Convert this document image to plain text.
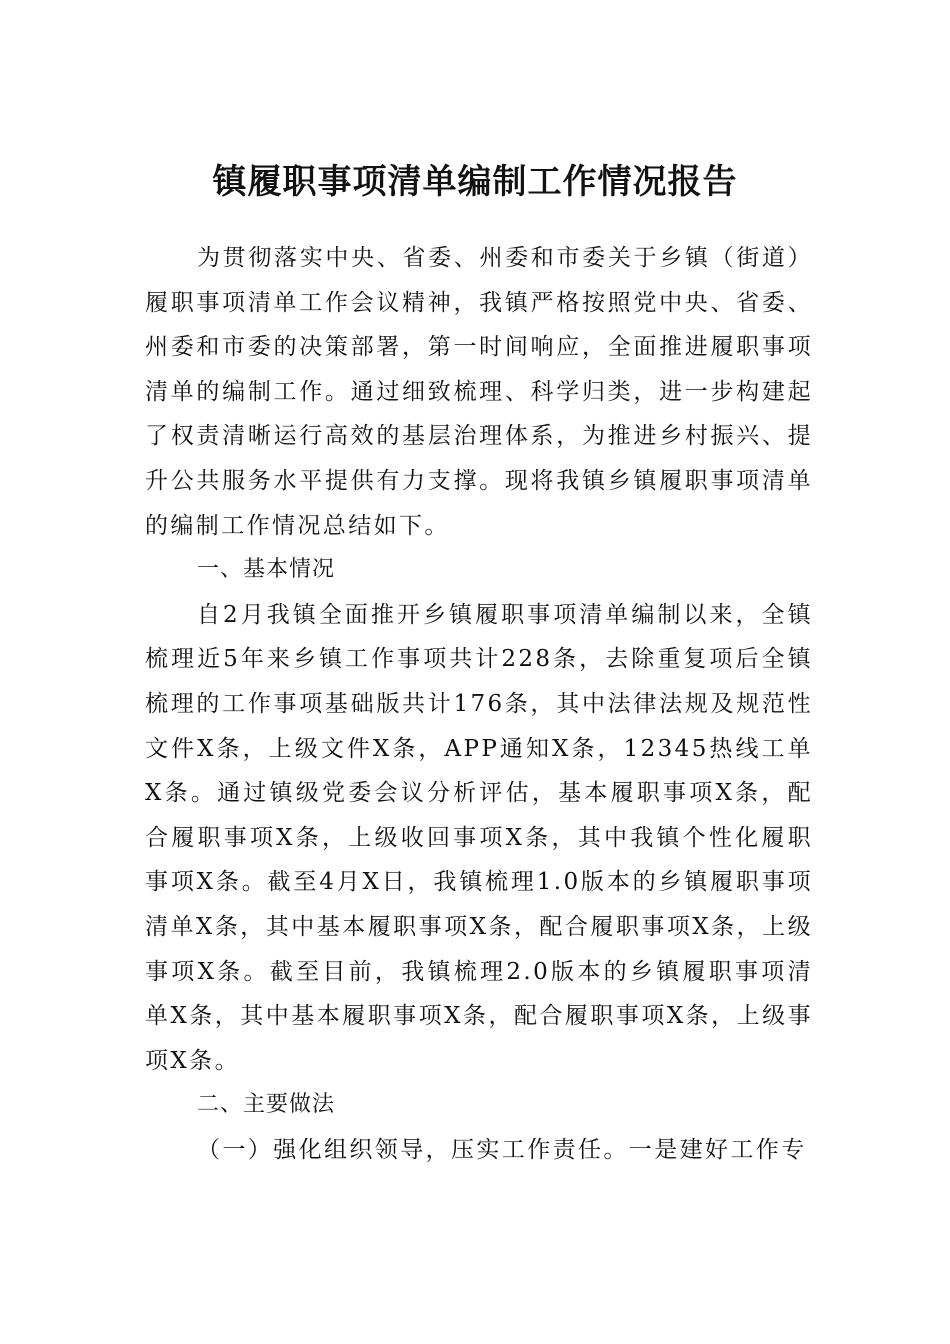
镇履职事项清单编制工作情况报告

为贯彻落实中央、省委、州委和市委关于乡镇（街道）履职事项清单工作会议精神，我镇严格按照党中央、省委、州委和市委的决策部署，第一时间响应，全面推进履职事项清单的编制工作。通过细致梳理、科学归类，进一步构建起了权责清晰运行高效的基层治理体系，为推进乡村振兴、提升公共服务水平提供有力支撑。现将我镇乡镇履职事项清单的编制工作情况总结如下。

一、基本情况

自2月我镇全面推开乡镇履职事项清单编制以来，全镇梳理近5年来乡镇工作事项共计228条，去除重复项后全镇梳理的工作事项基础版共计176条，其中法律法规及规范性文件X条，上级文件X条，APP通知X条，12345热线工单X条。通过镇级党委会议分析评估，基本履职事项X条，配合履职事项X条，上级收回事项X条，其中我镇个性化履职事项X条。截至4月X日，我镇梳理1.0版本的乡镇履职事项清单X条，其中基本履职事项X条，配合履职事项X条，上级事项X条。截至目前，我镇梳理2.0版本的乡镇履职事项清单X条，其中基本履职事项X条，配合履职事项X条，上级事项X条。

二、主要做法

（一）强化组织领导，压实工作责任。一是建好工作专
